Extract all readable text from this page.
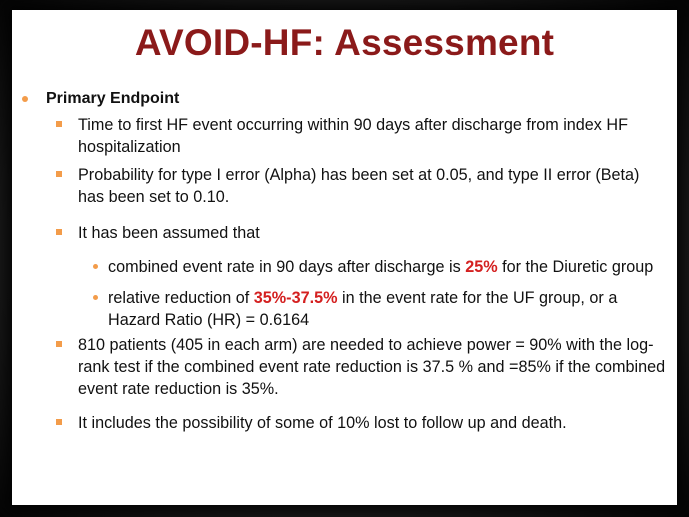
AVOID-HF: Assessment
Primary Endpoint
Time to first HF event occurring within 90 days after discharge from index HF hospitalization
Probability for type I error (Alpha) has been set at 0.05, and type II error (Beta) has been set to 0.10.
It has been assumed that
combined event rate in 90 days after discharge is 25% for the Diuretic group
relative reduction of 35%-37.5% in the event rate for the UF group, or a Hazard Ratio (HR) = 0.6164
810 patients (405 in each arm) are needed to achieve power = 90% with the log-rank test if the combined event rate reduction is 37.5 % and =85% if the combined event rate reduction is 35%.
It includes the possibility of some of 10% lost to follow up and death.
